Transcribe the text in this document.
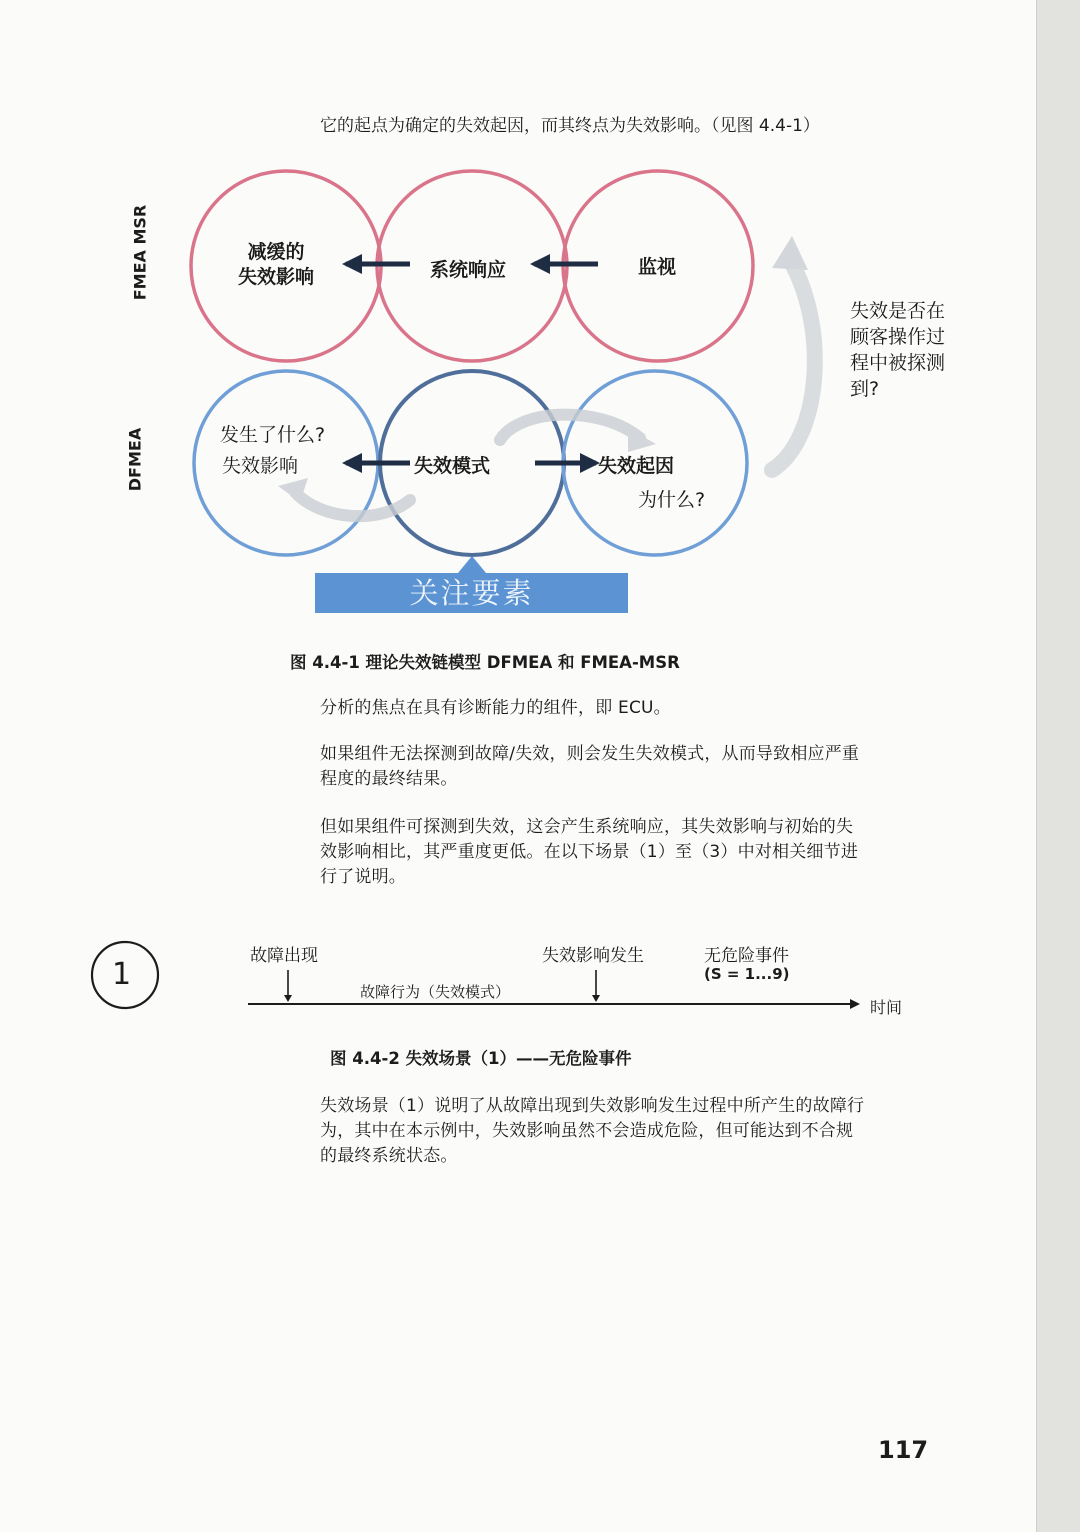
它的起点为确定的失效起因，而其终点为失效影响。（见图 4.4-1）
FMEA MSR
DFMEA
减缓的
失效影响	系统响应	监视
发生了什么?
失效影响	失效模式	失效起因
为什么?
失效是否在
顾客操作过
程中被探测
到?
关注要素
图 4.4-1 理论失效链模型 DFMEA 和 FMEA-MSR
分析的焦点在具有诊断能力的组件，即 ECU。
如果组件无法探测到故障/失效，则会发生失效模式，从而导致相应严重
程度的最终结果。
但如果组件可探测到失效，这会产生系统响应，其失效影响与初始的失
效影响相比，其严重度更低。在以下场景（1）至（3）中对相关细节进
行了说明。
1
故障出现	失效影响发生	无危险事件
(S = 1...9)
故障行为（失效模式）
时间
图 4.4-2 失效场景（1）——无危险事件
失效场景（1）说明了从故障出现到失效影响发生过程中所产生的故障行
为，其中在本示例中，失效影响虽然不会造成危险，但可能达到不合规
的最终系统状态。
117
